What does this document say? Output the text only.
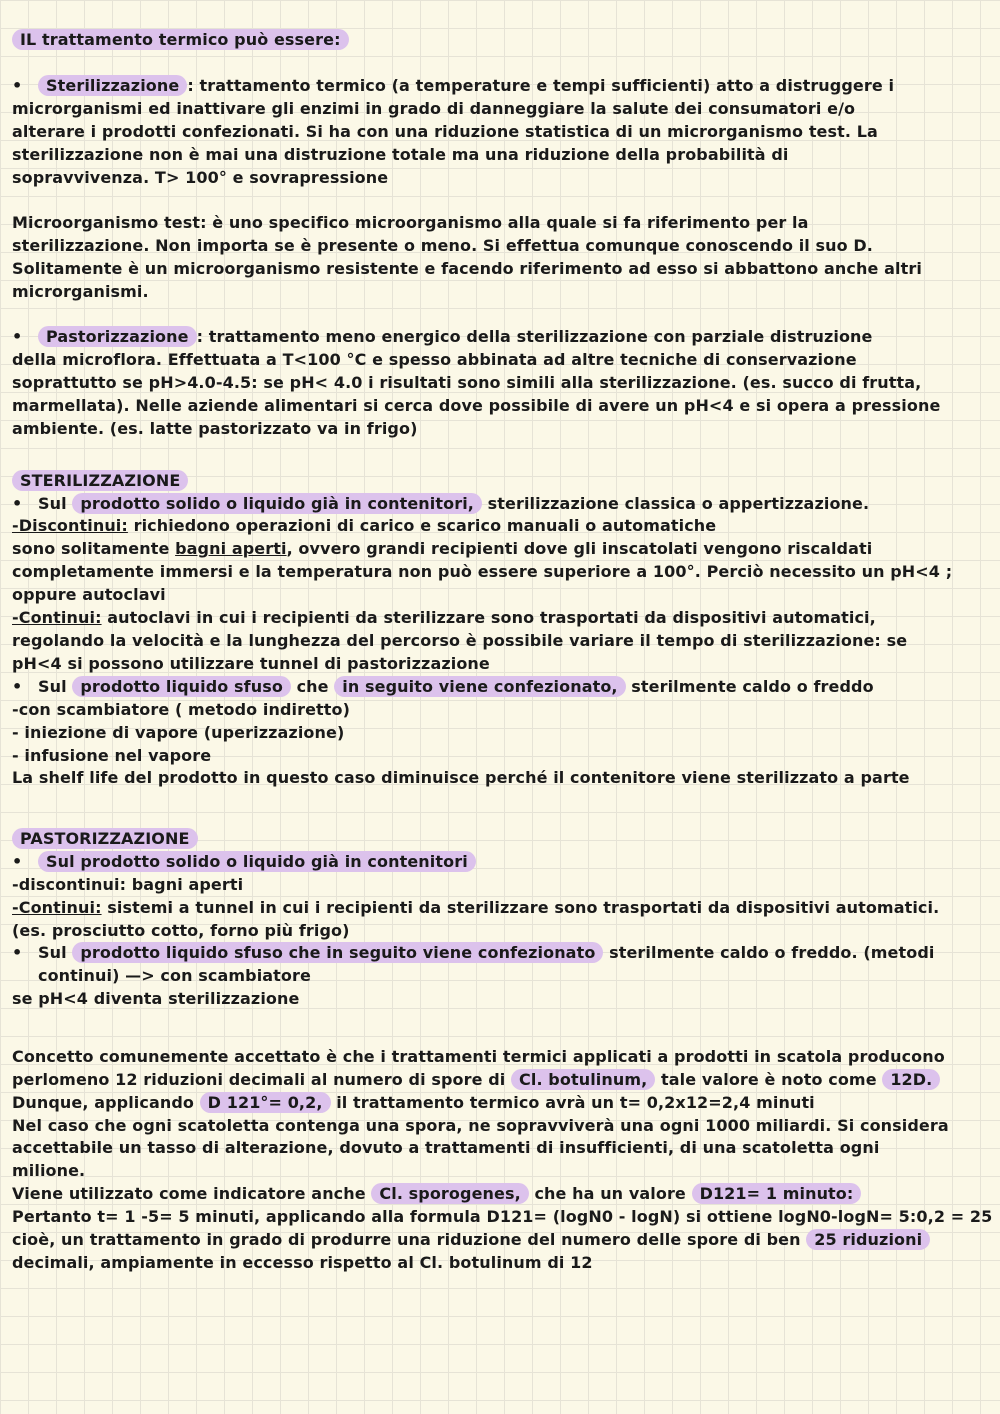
IL trattamento termico può essere:
• Sterilizzazione : trattamento termico (a temperature e tempi sufficienti) atto a distruggere i
microrganismi ed inattivare gli enzimi in grado di danneggiare la salute dei consumatori e/o
alterare i prodotti confezionati. Si ha con una riduzione statistica di un microrganismo test. La
sterilizzazione non è mai una distruzione totale ma una riduzione della probabilità di
sopravvivenza. T> 100° e sovrapressione
Microorganismo test: è uno specifico microorganismo alla quale si fa riferimento per la
sterilizzazione. Non importa se è presente o meno. Si effettua comunque conoscendo il suo D.
Solitamente è un microorganismo resistente e facendo riferimento ad esso si abbattono anche altri
microrganismi.
• Pastorizzazione : trattamento meno energico della sterilizzazione con parziale distruzione
della microflora. Effettuata a T<100 °C e spesso abbinata ad altre tecniche di conservazione
soprattutto se pH>4.0-4.5: se pH< 4.0 i risultati sono simili alla sterilizzazione. (es. succo di frutta,
marmellata). Nelle aziende alimentari si cerca dove possibile di avere un pH<4 e si opera a pressione
ambiente. (es. latte pastorizzato va in frigo)
STERILIZZAZIONE
• Sul prodotto solido o liquido già in contenitori, sterilizzazione classica o appertizzazione.
-Discontinui: richiedono operazioni di carico e scarico manuali o automatiche
sono solitamente bagni aperti, ovvero grandi recipienti dove gli inscatolati vengono riscaldati
completamente immersi e la temperatura non può essere superiore a 100°. Perciò necessito un pH<4 ;
oppure autoclavi
-Continui: autoclavi in cui i recipienti da sterilizzare sono trasportati da dispositivi automatici,
regolando la velocità e la lunghezza del percorso è possibile variare il tempo di sterilizzazione: se
pH<4 si possono utilizzare tunnel di pastorizzazione
• Sul prodotto liquido sfuso che in seguito viene confezionato, sterilmente caldo o freddo
-con scambiatore ( metodo indiretto)
- iniezione di vapore (uperizzazione)
- infusione nel vapore
La shelf life del prodotto in questo caso diminuisce perché il contenitore viene sterilizzato a parte
PASTORIZZAZIONE
• Sul prodotto solido o liquido già in contenitori
-discontinui: bagni aperti
-Continui: sistemi a tunnel in cui i recipienti da sterilizzare sono trasportati da dispositivi automatici.
(es. prosciutto cotto, forno più frigo)
• Sul prodotto liquido sfuso che in seguito viene confezionato sterilmente caldo o freddo. (metodi
continui) —> con scambiatore
se pH<4 diventa sterilizzazione
Concetto comunemente accettato è che i trattamenti termici applicati a prodotti in scatola producono
perlomeno 12 riduzioni decimali al numero di spore di Cl. botulinum, tale valore è noto come 12D.
Dunque, applicando D 121°= 0,2, il trattamento termico avrà un t= 0,2x12=2,4 minuti
Nel caso che ogni scatoletta contenga una spora, ne sopravviverà una ogni 1000 miliardi. Si considera
accettabile un tasso di alterazione, dovuto a trattamenti di insufficienti, di una scatoletta ogni
milione.
Viene utilizzato come indicatore anche Cl. sporogenes, che ha un valore D121= 1 minuto:
Pertanto t= 1 -5= 5 minuti, applicando alla formula D121= (logN0 - logN) si ottiene logN0-logN= 5:0,2 = 25
cioè, un trattamento in grado di produrre una riduzione del numero delle spore di ben 25 riduzioni
decimali, ampiamente in eccesso rispetto al Cl. botulinum di 12
